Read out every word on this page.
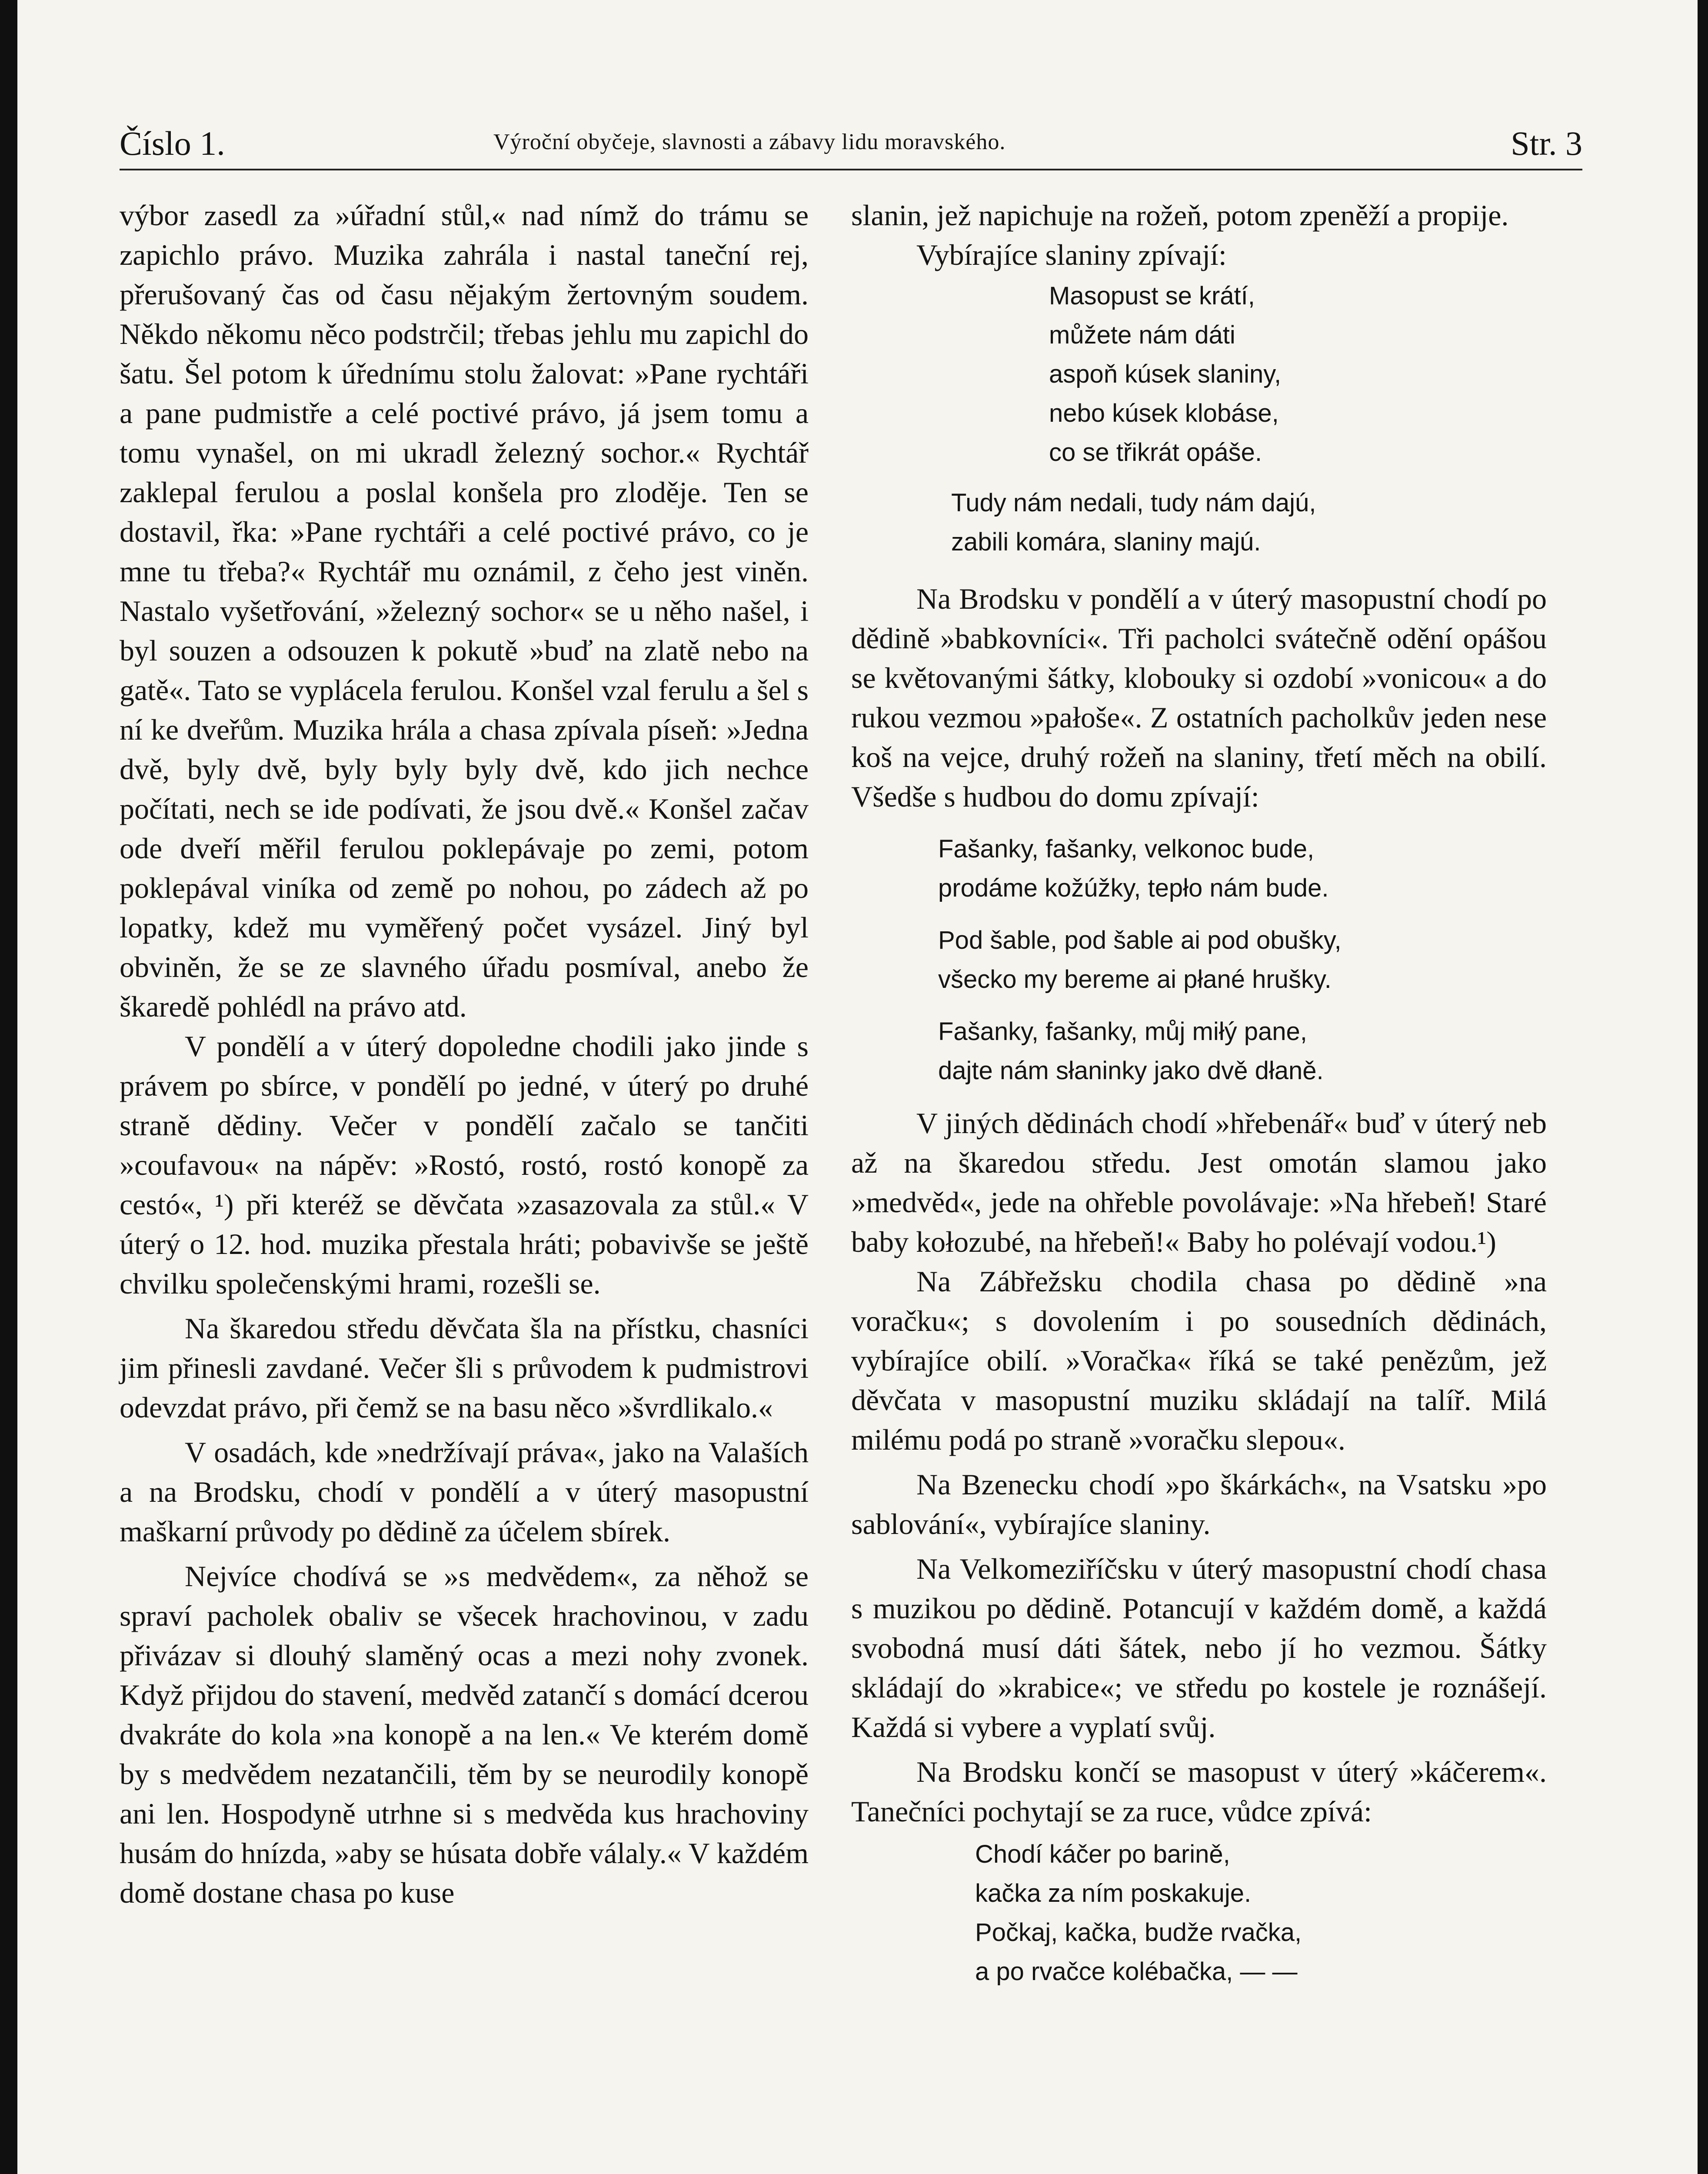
Číslo 1.	Výroční obyčeje, slavnosti a zábavy lidu moravského.	Str. 3

výbor zasedl za »úřadní stůl,« nad nímž do trámu se zapichlo právo. Muzika zahrála i nastal taneční rej, přerušovaný čas od času nějakým žertovným soudem. Někdo někomu něco podstrčil; třebas jehlu mu zapichl do šatu. Šel potom k úřednímu stolu žalovat: »Pane rychtáři a pane pudmistře a celé poctivé právo, já jsem tomu a tomu vynašel, on mi ukradl železný sochor.« Rychtář zaklepal ferulou a poslal konšela pro zloděje. Ten se dostavil, řka: »Pane rychtáři a celé poctivé právo, co je mne tu třeba?« Rychtář mu oznámil, z čeho jest viněn. Nastalo vyšetřování, »železný sochor« se u něho našel, i byl souzen a odsouzen k pokutě »buď na zlatě nebo na gatě«. Tato se vyplácela ferulou. Konšel vzal ferulu a šel s ní ke dveřům. Muzika hrála a chasa zpívala píseň: »Jedna dvě, byly dvě, byly byly byly dvě, kdo jich nechce počítati, nech se ide podívati, že jsou dvě.« Konšel začav ode dveří měřil ferulou poklepávaje po zemi, potom poklepával viníka od země po nohou, po zádech až po lopatky, kdež mu vyměřený počet vysázel. Jiný byl obviněn, že se ze slavného úřadu posmíval, anebo že škaredě pohlédl na právo atd.

V pondělí a v úterý dopoledne chodili jako jinde s právem po sbírce, v pondělí po jedné, v úterý po druhé straně dědiny. Večer v pondělí začalo se tančiti »coufavou« na nápěv: »Rostó, rostó, rostó konopě za cestó«, ¹) při kteréž se děvčata »zasazovala za stůl.« V úterý o 12. hod. muzika přestala hráti; pobavivše se ještě chvilku společenskými hrami, rozešli se.

Na škaredou středu děvčata šla na přístku, chasníci jim přinesli zavdané. Večer šli s průvodem k pudmistrovi odevzdat právo, při čemž se na basu něco »švrdlikalo.«

V osadách, kde »nedržívají práva«, jako na Valaších a na Brodsku, chodí v pondělí a v úterý masopustní maškarní průvody po dědině za účelem sbírek.

Nejvíce chodívá se »s medvědem«, za něhož se spraví pacholek obaliv se všecek hrachovinou, v zadu přivázav si dlouhý slaměný ocas a mezi nohy zvonek. Když přijdou do stavení, medvěd zatančí s domácí dcerou dvakráte do kola »na konopě a na len.« Ve kterém domě by s medvědem nezatančili, těm by se neurodily konopě ani len. Hospodyně utrhne si s medvěda kus hrachoviny husám do hnízda, »aby se húsata dobře válaly.« V každém domě dostane chasa po kuse

slanin, jež napichuje na rožeň, potom zpeněží a propije.

Vybírajíce slaniny zpívají:

Masopust se krátí,
můžete nám dáti
aspoň kúsek slaniny,
nebo kúsek klobáse,
co se třikrát opáše.
Tudy nám nedali, tudy nám dajú,
zabili komára, slaniny majú.

Na Brodsku v pondělí a v úterý masopustní chodí po dědině »babkovníci«. Tři pacholci svátečně odění opášou se květovanými šátky, klobouky si ozdobí »vonicou« a do rukou vezmou »pałoše«. Z ostatních pacholkův jeden nese koš na vejce, druhý rožeň na slaniny, třetí měch na obilí. Všedše s hudbou do domu zpívají:

Fašanky, fašanky, velkonoc bude,
prodáme kožúžky, tepło nám bude.
Pod šable, pod šable ai pod obušky,
všecko my bereme ai płané hrušky.
Fašanky, fašanky, můj miłý pane,
dajte nám słaninky jako dvě dłaně.

V jiných dědinách chodí »hřebenář« buď v úterý neb až na škaredou středu. Jest omotán slamou jako »medvěd«, jede na ohřeble povolávaje: »Na hřebeň! Staré baby kołozubé, na hřebeň!« Baby ho polévají vodou.¹)

Na Zábřežsku chodila chasa po dědině »na voračku«; s dovolením i po sousedních dědinách, vybírajíce obilí. »Voračka« říká se také penězům, jež děvčata v masopustní muziku skládají na talíř. Milá milému podá po straně »voračku slepou«.

Na Bzenecku chodí »po škárkách«, na Vsatsku »po sablování«, vybírajíce slaniny.

Na Velkomeziříčsku v úterý masopustní chodí chasa s muzikou po dědině. Potancují v každém domě, a každá svobodná musí dáti šátek, nebo jí ho vezmou. Šátky skládají do »krabice«; ve středu po kostele je roznášejí. Každá si vybere a vyplatí svůj.

Na Brodsku končí se masopust v úterý »káčerem«. Tanečníci pochytají se za ruce, vůdce zpívá:

Chodí káčer po barině,
kačka za ním poskakuje.
Počkaj, kačka, budže rvačka,
a po rvačce kolébačka, — —
